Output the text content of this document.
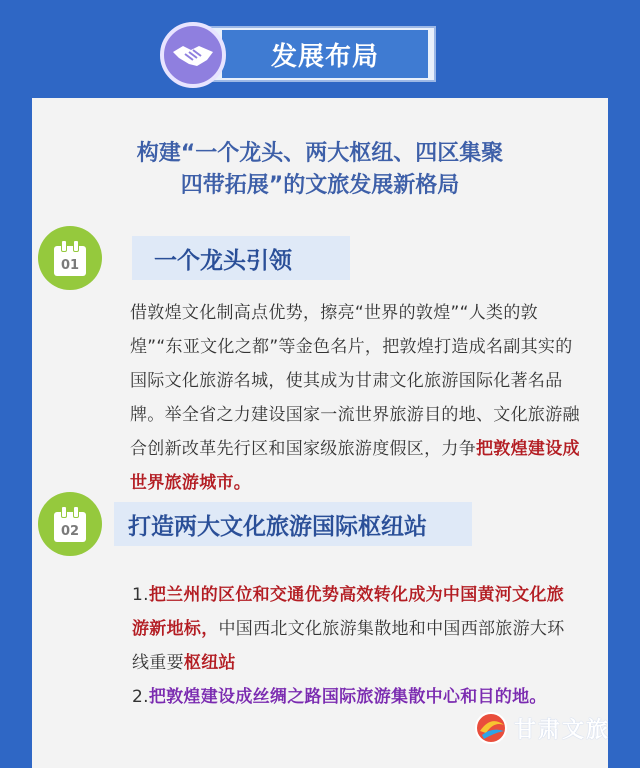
发展布局
构建“一个龙头、两大枢纽、四区集聚
四带拓展”的文旅发展新格局
01	一个龙头引领
借敦煌文化制高点优势，擦亮“世界的敦煌”“人类的敦煌”“东亚文化之都”等金色名片，把敦煌打造成名副其实的国际文化旅游名城，使其成为甘肃文化旅游国际化著名品牌。举全省之力建设国家一流世界旅游目的地、文化旅游融合创新改革先行区和国家级旅游度假区，力争把敦煌建设成世界旅游城市。
02 打造两大文化旅游国际枢纽站
1.把兰州的区位和交通优势高效转化成为中国黄河文化旅游新地标，中国西北文化旅游集散地和中国西部旅游大环线重要枢纽站
2.把敦煌建设成丝绸之路国际旅游集散中心和目的地。
甘肃文旅
